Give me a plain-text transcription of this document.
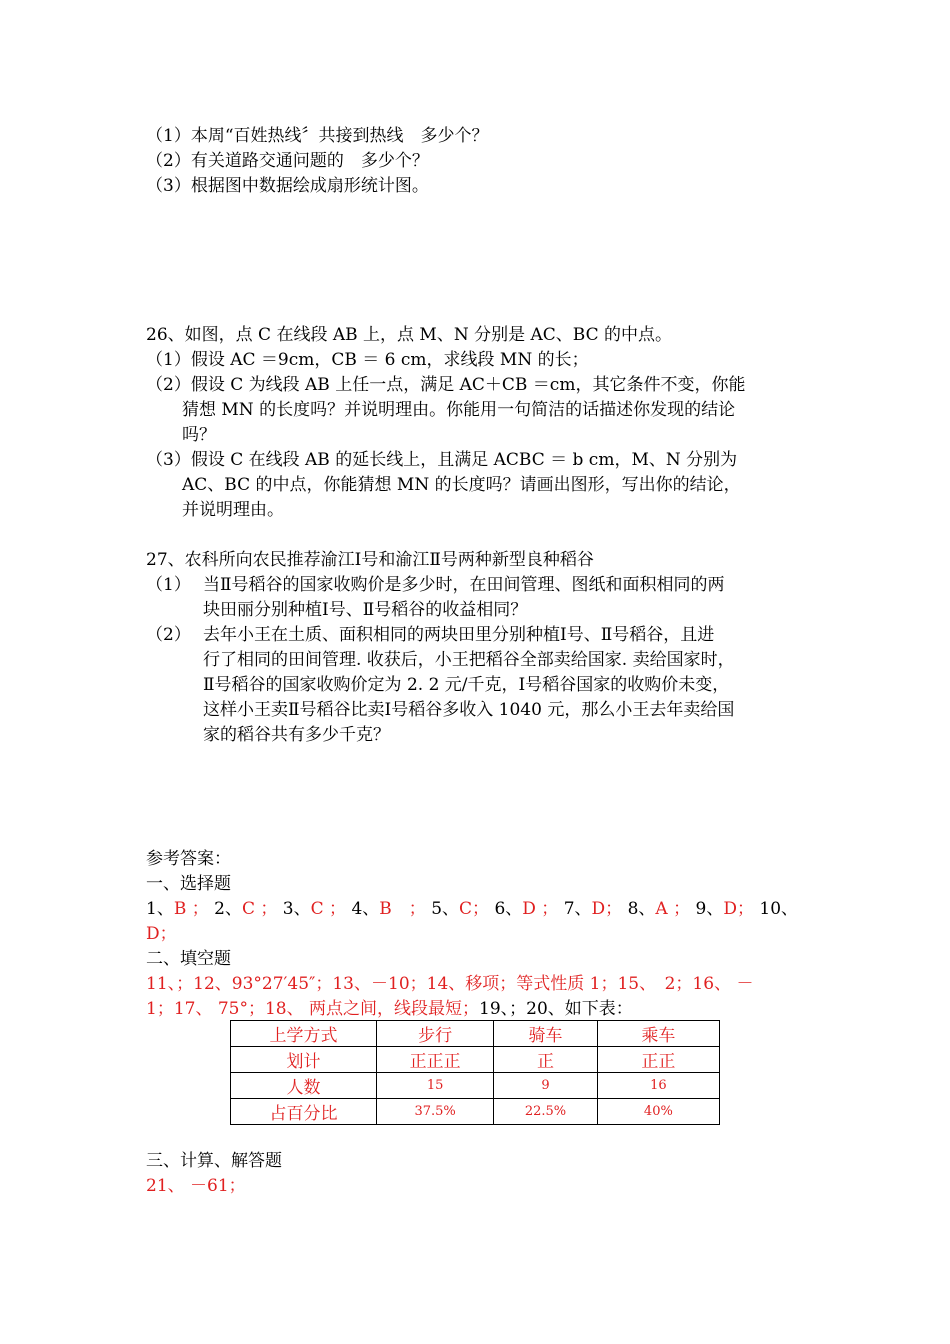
（1）本周“百姓热线〞共接到热线　多少个？
（2）有关道路交通问题的　多少个？
（3）根据图中数据绘成扇形统计图。
26、如图，点 C 在线段 AB 上，点 M、N 分别是 AC、BC 的中点。
（1）假设 AC ＝9cm，CB ＝ 6 cm，求线段 MN 的长；
（2）假设 C 为线段 AB 上任一点，满足 AC＋CB ＝cm，其它条件不变，你能
猜想 MN 的长度吗？并说明理由。你能用一句简洁的话描述你发现的结论
吗？
（3）假设 C 在线段 AB 的延长线上，且满足 ACBC ＝ b cm，M、N 分别为
AC、BC 的中点，你能猜想 MN 的长度吗？请画出图形，写出你的结论，
并说明理由。
27、农科所向农民推荐渝江Ⅰ号和渝江Ⅱ号两种新型良种稻谷
（1） 当Ⅱ号稻谷的国家收购价是多少时，在田间管理、图纸和面积相同的两
块田丽分别种植Ⅰ号、Ⅱ号稻谷的收益相同？
（2） 去年小王在土质、面积相同的两块田里分别种植Ⅰ号、Ⅱ号稻谷，且进
行了相同的田间管理. 收获后，小王把稻谷全部卖给国家. 卖给国家时，
Ⅱ号稻谷的国家收购价定为 2. 2 元/千克，Ⅰ号稻谷国家的收购价未变，
这样小王卖Ⅱ号稻谷比卖Ⅰ号稻谷多收入 1040 元，那么小王去年卖给国
家的稻谷共有多少千克？
参考答案：
一、选择题
1、B ； 2、C ； 3、C ； 4、B　； 5、C； 6、D ； 7、D； 8、A ； 9、D； 10、
D；
二、填空题
11、；12、93°27′45″；13、－10；14、移项；等式性质 1；15、　2；16、 －
1；17、 75°；18、 两点之间，线段最短；19、；20、如下表：
上学方式	步行	骑车	乘车
划计	正正正	正	正正
人数	15	9	16
占百分比	37.5%	22.5%	40%
三、计算、解答题
21、 －61；
